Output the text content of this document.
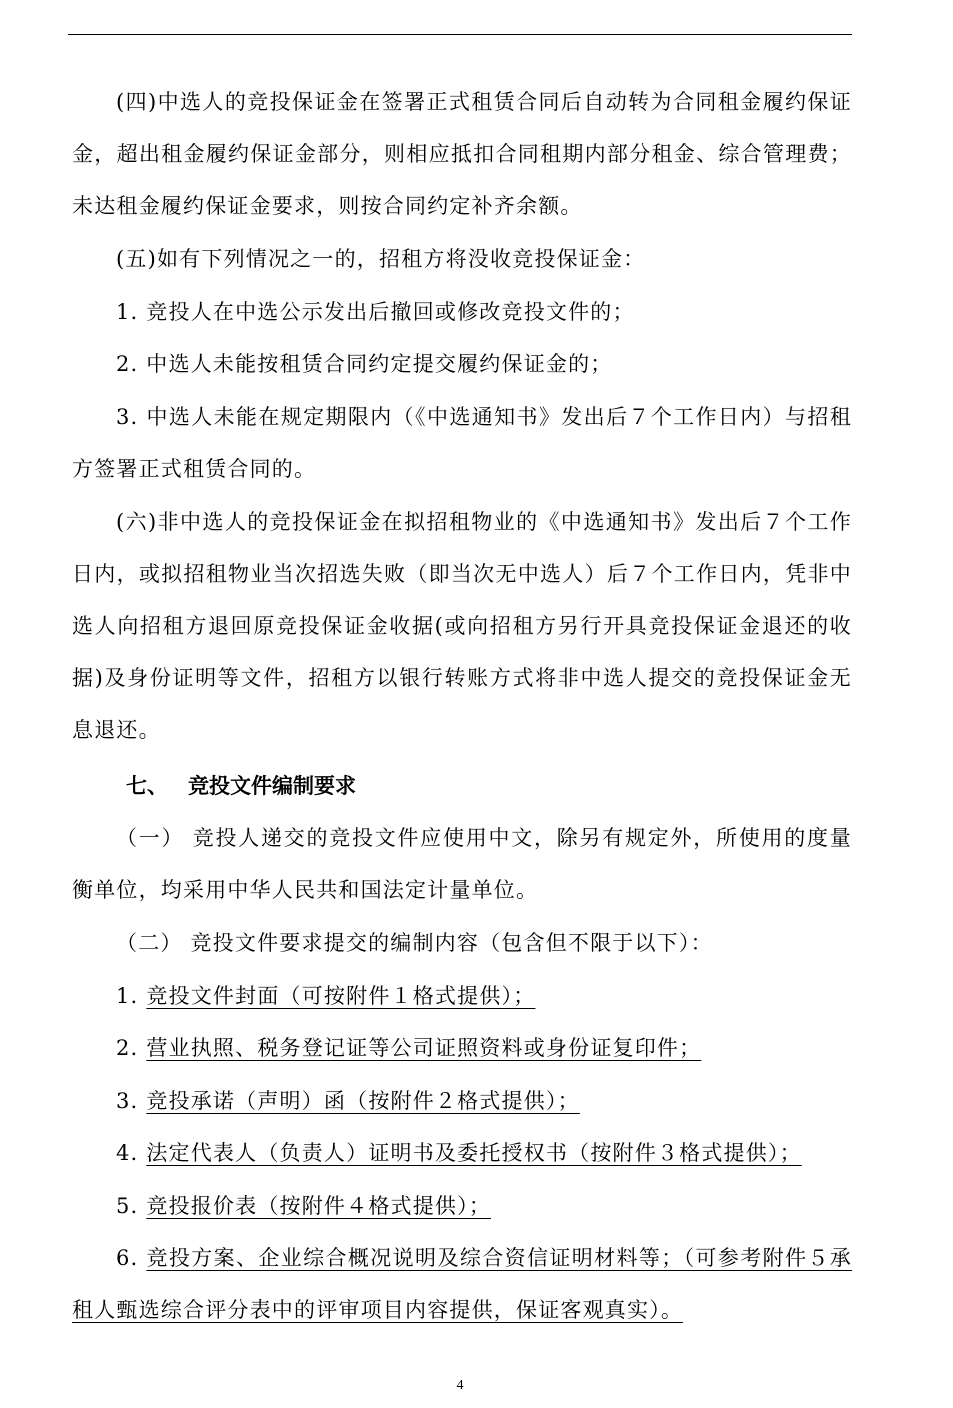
(四)中选人的竞投保证金在签署正式租赁合同后自动转为合同租金履约保证金，超出租金履约保证金部分，则相应抵扣合同租期内部分租金、综合管理费；未达租金履约保证金要求，则按合同约定补齐余额。

(五)如有下列情况之一的，招租方将没收竞投保证金：

1. 竞投人在中选公示发出后撤回或修改竞投文件的；

2. 中选人未能按租赁合同约定提交履约保证金的；

3. 中选人未能在规定期限内（《中选通知书》发出后７个工作日内）与招租方签署正式租赁合同的。

(六)非中选人的竞投保证金在拟招租物业的《中选通知书》发出后７个工作日内，或拟招租物业当次招选失败（即当次无中选人）后７个工作日内，凭非中选人向招租方退回原竞投保证金收据(或向招租方另行开具竞投保证金退还的收据)及身份证明等文件，招租方以银行转账方式将非中选人提交的竞投保证金无息退还。

七、 竞投文件编制要求

（一） 竞投人递交的竞投文件应使用中文，除另有规定外，所使用的度量衡单位，均采用中华人民共和国法定计量单位。

（二） 竞投文件要求提交的编制内容（包含但不限于以下）：

1. 竞投文件封面（可按附件１格式提供）；

2. 营业执照、税务登记证等公司证照资料或身份证复印件；

3. 竞投承诺（声明）函（按附件２格式提供）；

4. 法定代表人（负责人）证明书及委托授权书（按附件３格式提供）；

5. 竞投报价表（按附件４格式提供）；

6. 竞投方案、企业综合概况说明及综合资信证明材料等；（可参考附件５承租人甄选综合评分表中的评审项目内容提供，保证客观真实）。

4
